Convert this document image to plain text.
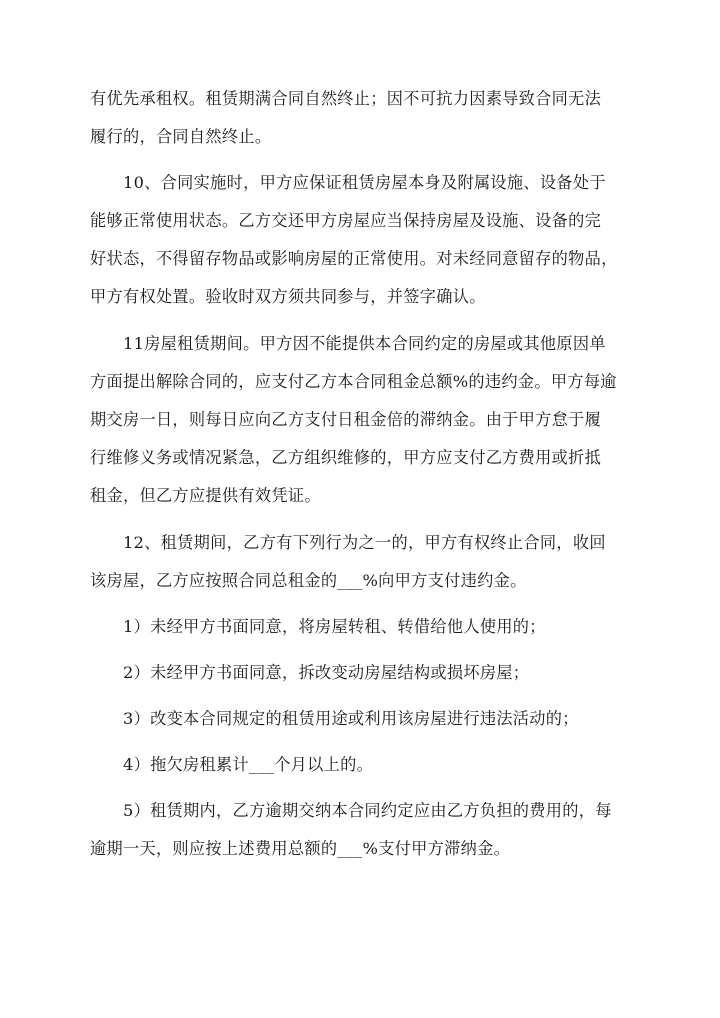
有优先承租权。租赁期满合同自然终止；因不可抗力因素导致合同无法
履行的，合同自然终止。

10、合同实施时，甲方应保证租赁房屋本身及附属设施、设备处于
能够正常使用状态。乙方交还甲方房屋应当保持房屋及设施、设备的完
好状态，不得留存物品或影响房屋的正常使用。对未经同意留存的物品，
甲方有权处置。验收时双方须共同参与，并签字确认。

11房屋租赁期间。甲方因不能提供本合同约定的房屋或其他原因单
方面提出解除合同的，应支付乙方本合同租金总额%的违约金。甲方每逾
期交房一日，则每日应向乙方支付日租金倍的滞纳金。由于甲方怠于履
行维修义务或情况紧急，乙方组织维修的，甲方应支付乙方费用或折抵
租金，但乙方应提供有效凭证。

12、租赁期间，乙方有下列行为之一的，甲方有权终止合同，收回
该房屋，乙方应按照合同总租金的___%向甲方支付违约金。

1）未经甲方书面同意，将房屋转租、转借给他人使用的；

2）未经甲方书面同意，拆改变动房屋结构或损坏房屋；

3）改变本合同规定的租赁用途或利用该房屋进行违法活动的；

4）拖欠房租累计___个月以上的。

5）租赁期内，乙方逾期交纳本合同约定应由乙方负担的费用的，每
逾期一天，则应按上述费用总额的___%支付甲方滞纳金。
